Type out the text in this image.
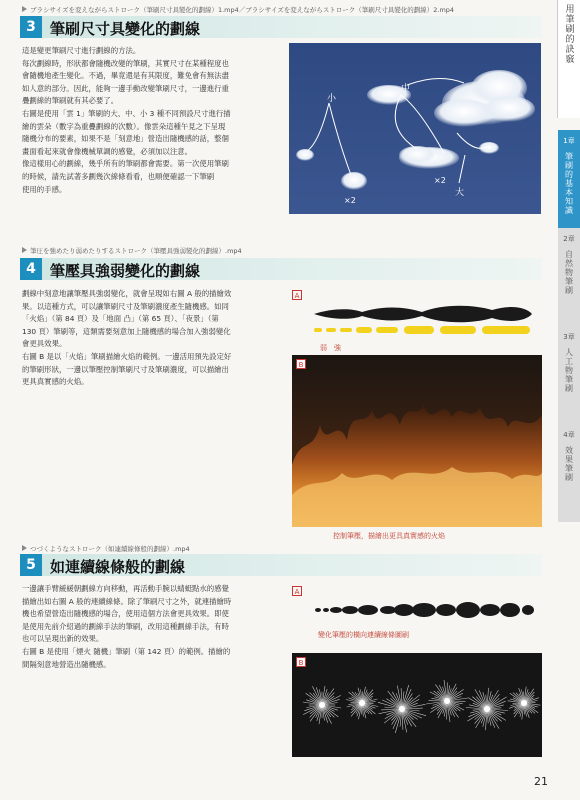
用筆刷的訣竅
1章
筆刷的基本知識
2章
自然物筆刷
3章
人工物筆刷
4章
效果筆刷
ブラシサイズを変えながらストローク（筆刷尺寸具變化的劃線）1.mp4／ブラシサイズを変えながらストローク（筆刷尺寸具變化的劃線）2.mp4
3 筆刷尺寸具變化的劃線

這是變更筆刷尺寸進行劃線的方法。

每次劃線時，形狀都會隨機改變的筆刷，其實尺寸在某種程度也

會隨機地產生變化。不過，畢竟還是有其限度，難免會有無法盡

如人意的部分。因此，能夠一邊手動改變筆刷尺寸，一邊進行重

疊劃線的筆刷就有其必要了。

右圖是使用「雲 1」筆刷的大、中、小 3 種不同預設尺寸進行描

繪的雲朵（數字為重疊劃線的次數）。像雲朵這種午見之下呈現

隨機分布的要素，如果不是「刻意地」營造出隨機感的話，整個

畫面看起來就會像機械單調的感覺，必須加以注意。

像這樣用心的劃線，幾乎所有的筆刷都會需要。第一次使用筆刷

的時候，請先試著多劃幾次線條看看，也順便確認一下筆刷

使用的手感。

小
中
大
×2
×2
筆圧を強めたり弱めたりするストローク（筆壓具強弱變化的劃線）.mp4
4 筆壓具強弱變化的劃線

劃線中刻意地讓筆壓具強弱變化，就會呈現如右圖 A 般的描繪效

果。以這種方式，可以讓筆刷尺寸及筆刷濃度產生隨機感。如同

「火焰」（第 84 頁）及「地面 凸」（第 65 頁）、「夜景」（第

130 頁）筆刷等，這類需要刻意加上隨機感的場合加入強弱變化

會更具效果。

右圖 B 是以「火焰」筆刷描繪火焰的範例。一邊活用預先設定好

的筆刷形狀，一邊以筆壓控制筆刷尺寸及筆刷濃度，可以描繪出

更具真實感的火焰。

A
弱　強
B
控制筆壓，描繪出更具真實感的火焰
つづくようなストローク（如連續線條般的劃線）.mp4
5 如連續線條般的劃線

一邊讓手臂緩緩朝劃線方向移動，再活動手腕以蜻蜓點水的感覺

描繪出如右圖 A 般的連續線條。除了筆刷尺寸之外，就連描繪時

機也希望營造出隨機感的場合，使用這個方法會更具效果。即使

是使用先前介紹過的劃線手法的筆刷，改用這種劃線手法，有時

也可以呈現出新的效果。

右圖 B 是使用「煙火 隨機」筆刷（第 142 頁）的範例。描繪的

間隔刻意地營造出隨機感。

A
變化筆壓的橫向連續線條圖刷
B
21
